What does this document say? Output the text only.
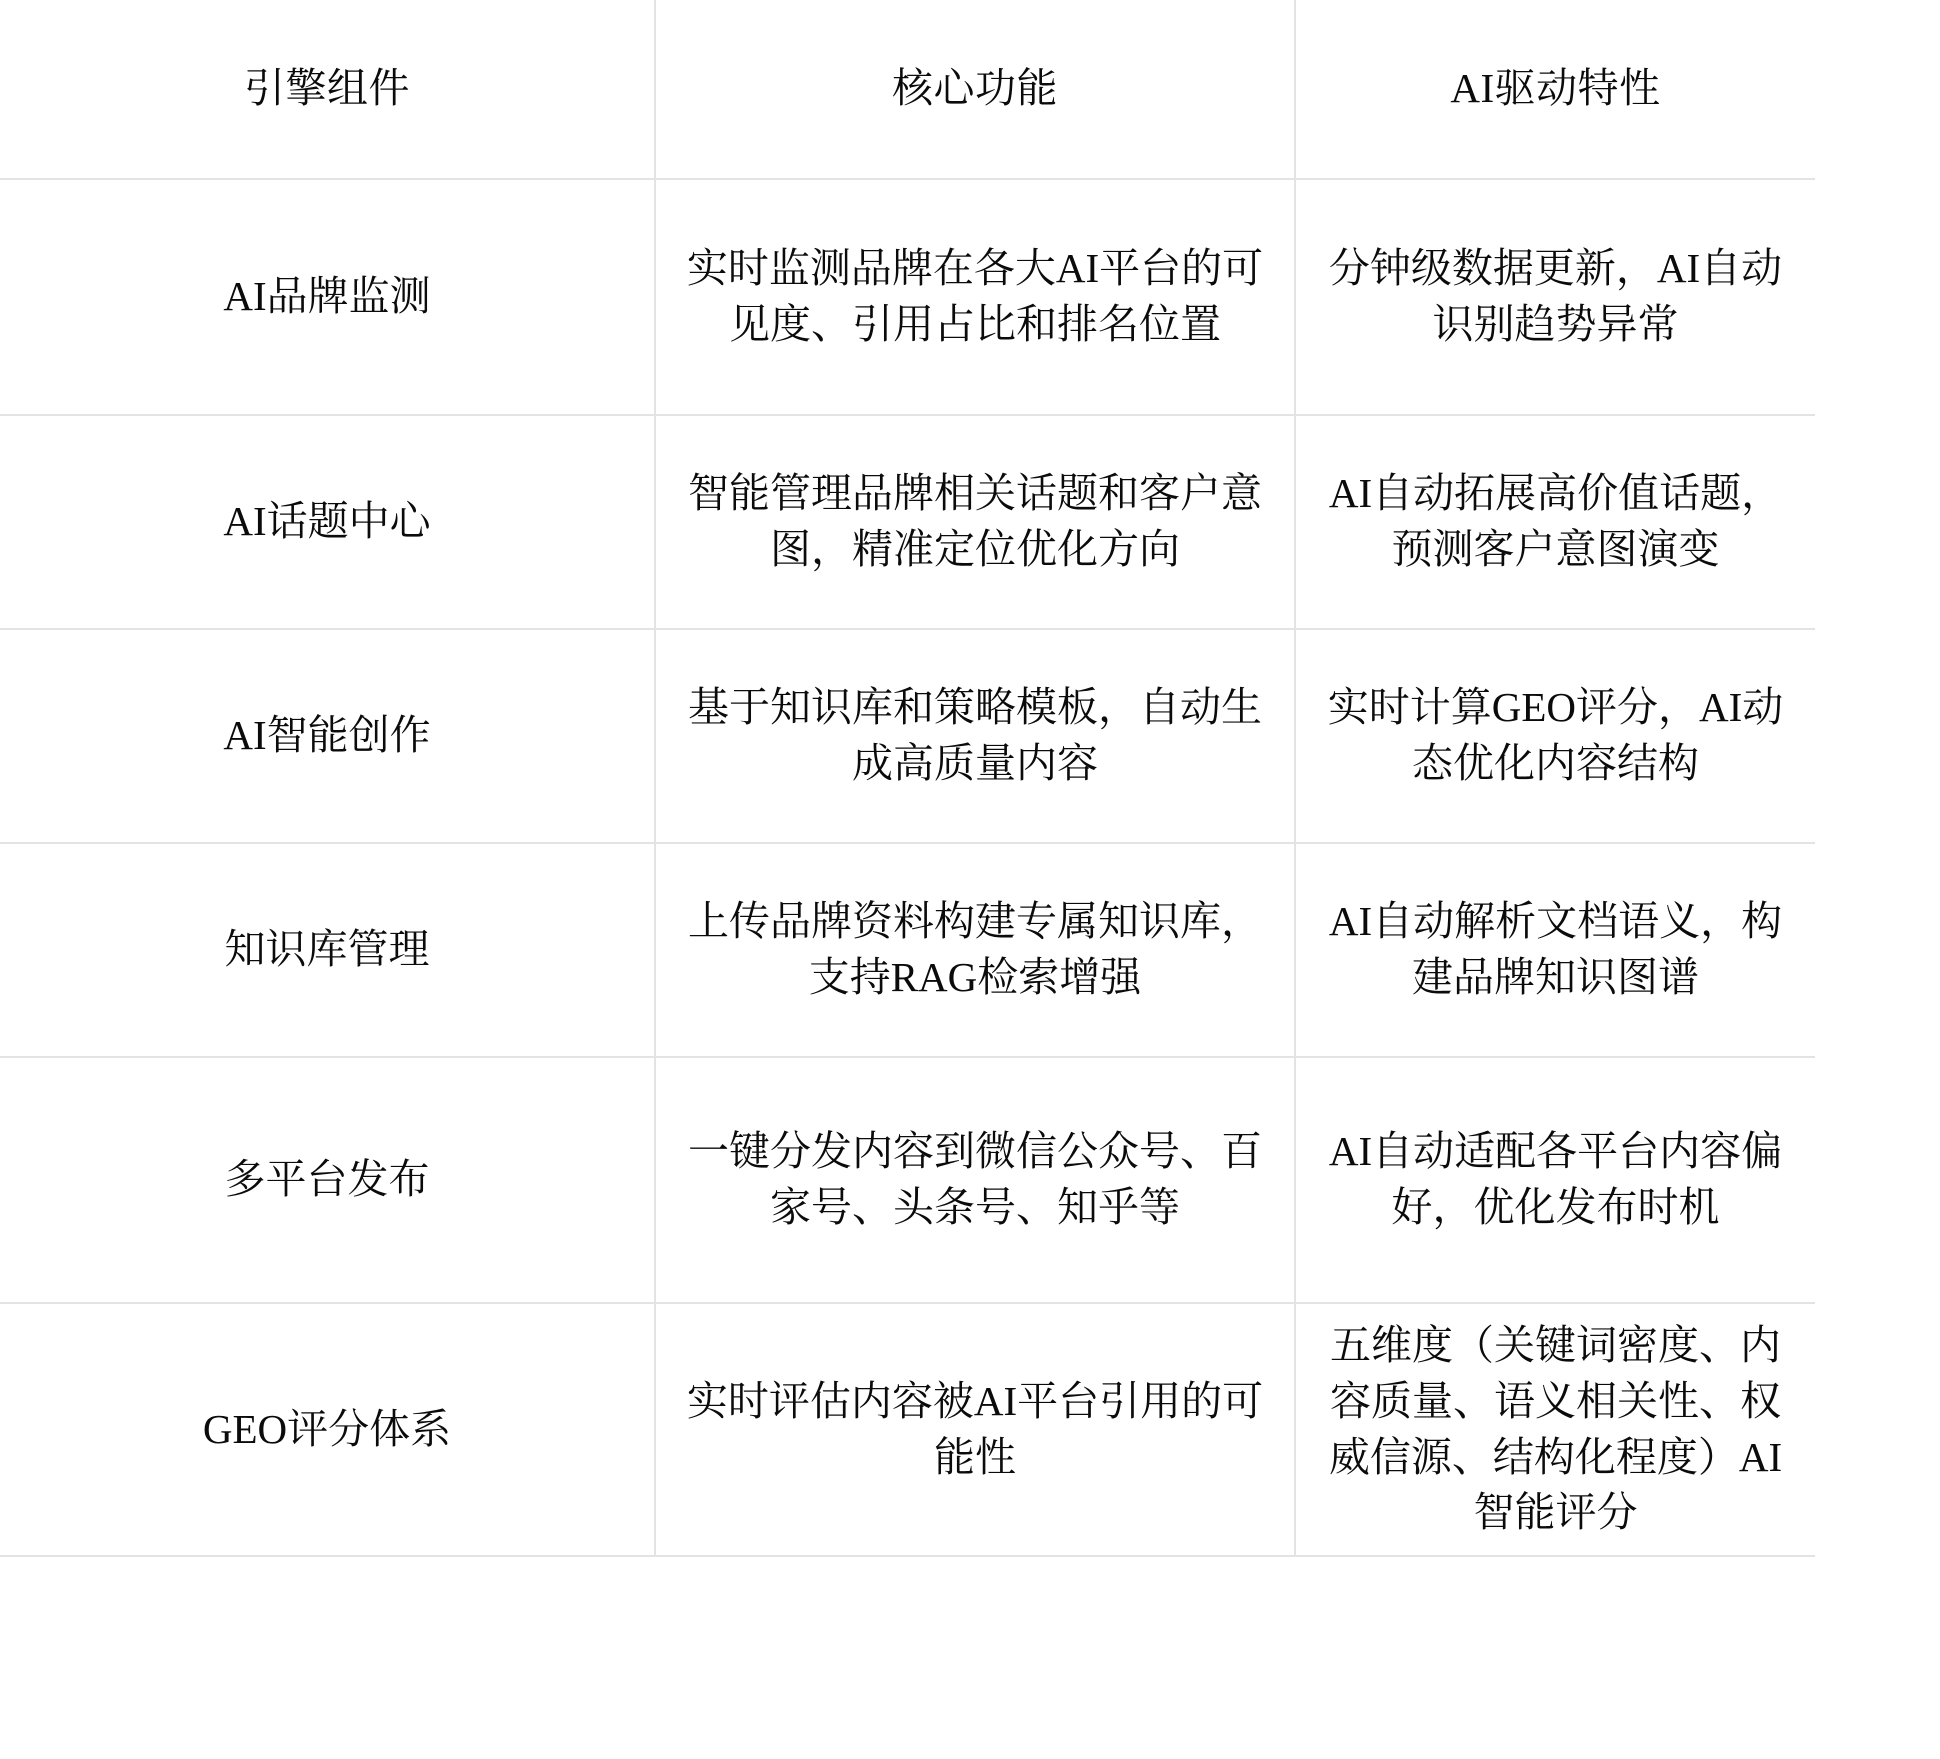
引擎组件	核心功能	AI驱动特性

AI品牌监测	实时监测品牌在各大AI平台的可见度、引用占比和排名位置	分钟级数据更新，AI自动识别趋势异常

AI话题中心	智能管理品牌相关话题和客户意图，精准定位优化方向	AI自动拓展高价值话题，预测客户意图演变

AI智能创作	基于知识库和策略模板，自动生成高质量内容	实时计算GEO评分，AI动态优化内容结构

知识库管理	上传品牌资料构建专属知识库，支持RAG检索增强	AI自动解析文档语义，构建品牌知识图谱

多平台发布	一键分发内容到微信公众号、百家号、头条号、知乎等	AI自动适配各平台内容偏好，优化发布时机

GEO评分体系	实时评估内容被AI平台引用的可能性	五维度（关键词密度、内容质量、语义相关性、权威信源、结构化程度）AI智能评分
